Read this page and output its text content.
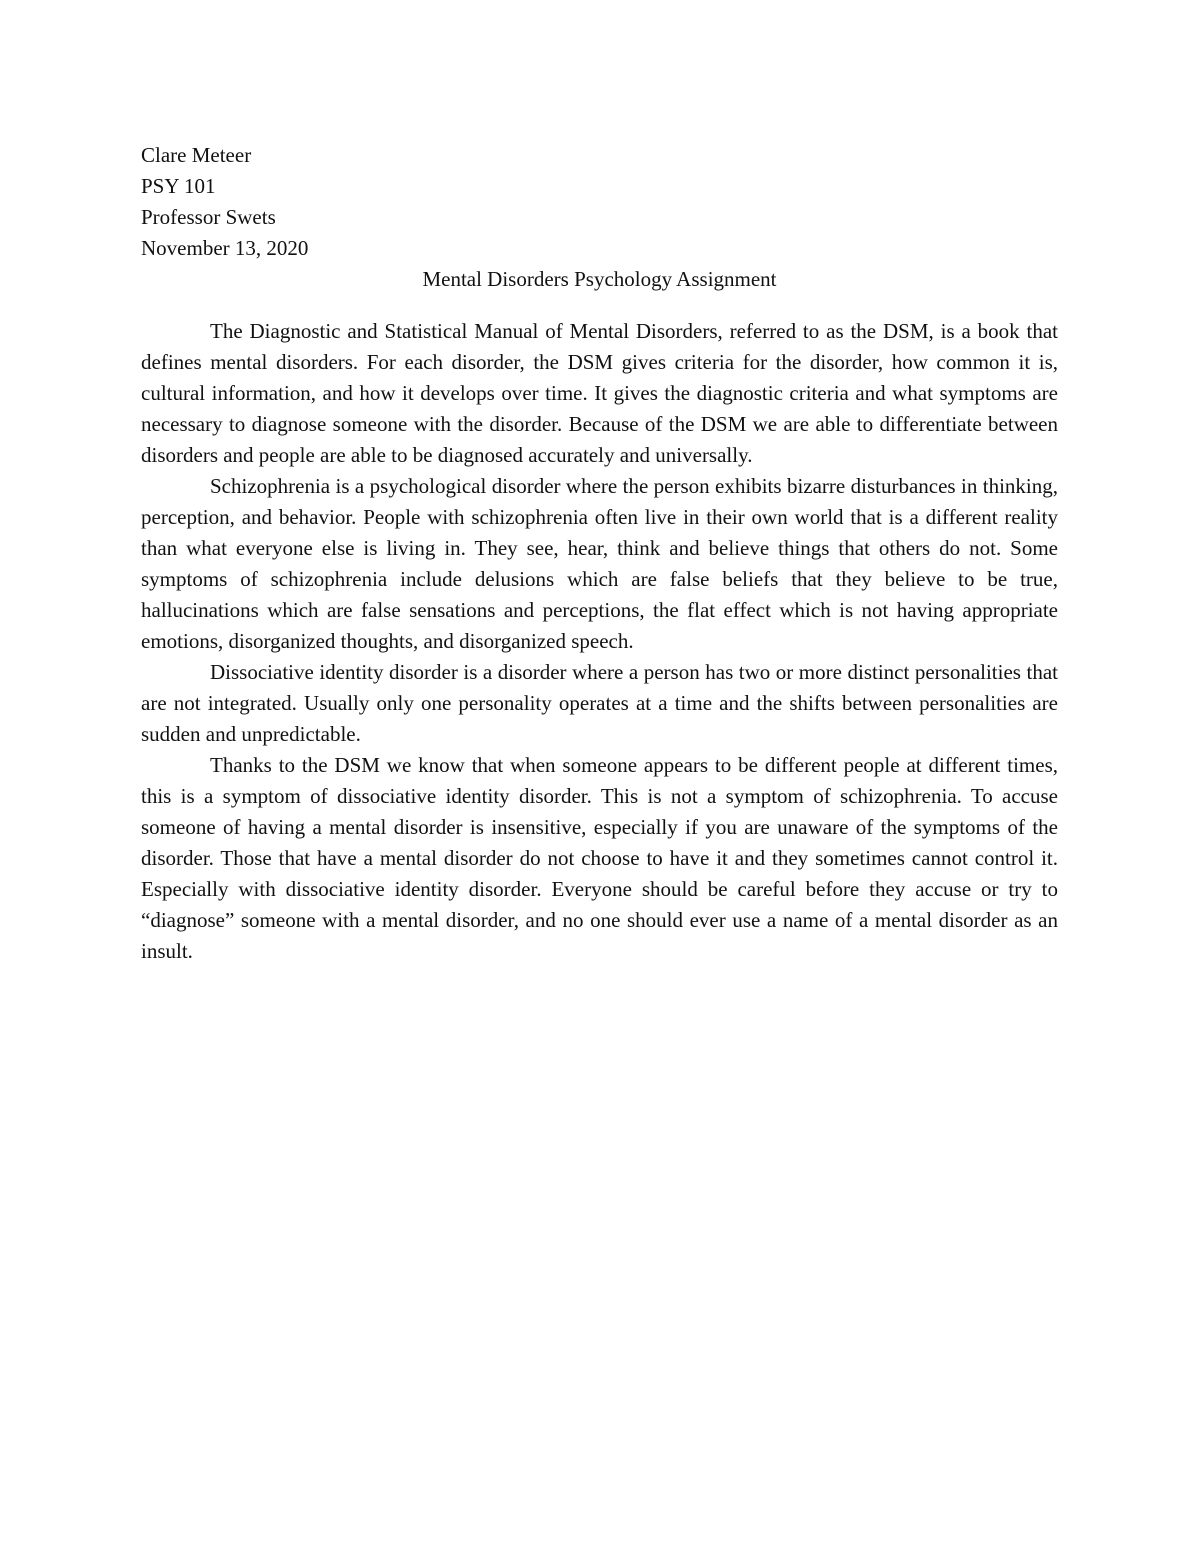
Clare Meteer
PSY 101
Professor Swets
November 13, 2020
Mental Disorders Psychology Assignment

The Diagnostic and Statistical Manual of Mental Disorders, referred to as the DSM, is a book that defines mental disorders. For each disorder, the DSM gives criteria for the disorder, how common it is, cultural information, and how it develops over time. It gives the diagnostic criteria and what symptoms are necessary to diagnose someone with the disorder. Because of the DSM we are able to differentiate between disorders and people are able to be diagnosed accurately and universally.

Schizophrenia is a psychological disorder where the person exhibits bizarre disturbances in thinking, perception, and behavior. People with schizophrenia often live in their own world that is a different reality than what everyone else is living in. They see, hear, think and believe things that others do not. Some symptoms of schizophrenia include delusions which are false beliefs that they believe to be true, hallucinations which are false sensations and perceptions, the flat effect which is not having appropriate emotions, disorganized thoughts, and disorganized speech.

Dissociative identity disorder is a disorder where a person has two or more distinct personalities that are not integrated. Usually only one personality operates at a time and the shifts between personalities are sudden and unpredictable.

Thanks to the DSM we know that when someone appears to be different people at different times, this is a symptom of dissociative identity disorder. This is not a symptom of schizophrenia. To accuse someone of having a mental disorder is insensitive, especially if you are unaware of the symptoms of the disorder. Those that have a mental disorder do not choose to have it and they sometimes cannot control it. Especially with dissociative identity disorder. Everyone should be careful before they accuse or try to “diagnose” someone with a mental disorder, and no one should ever use a name of a mental disorder as an insult.
